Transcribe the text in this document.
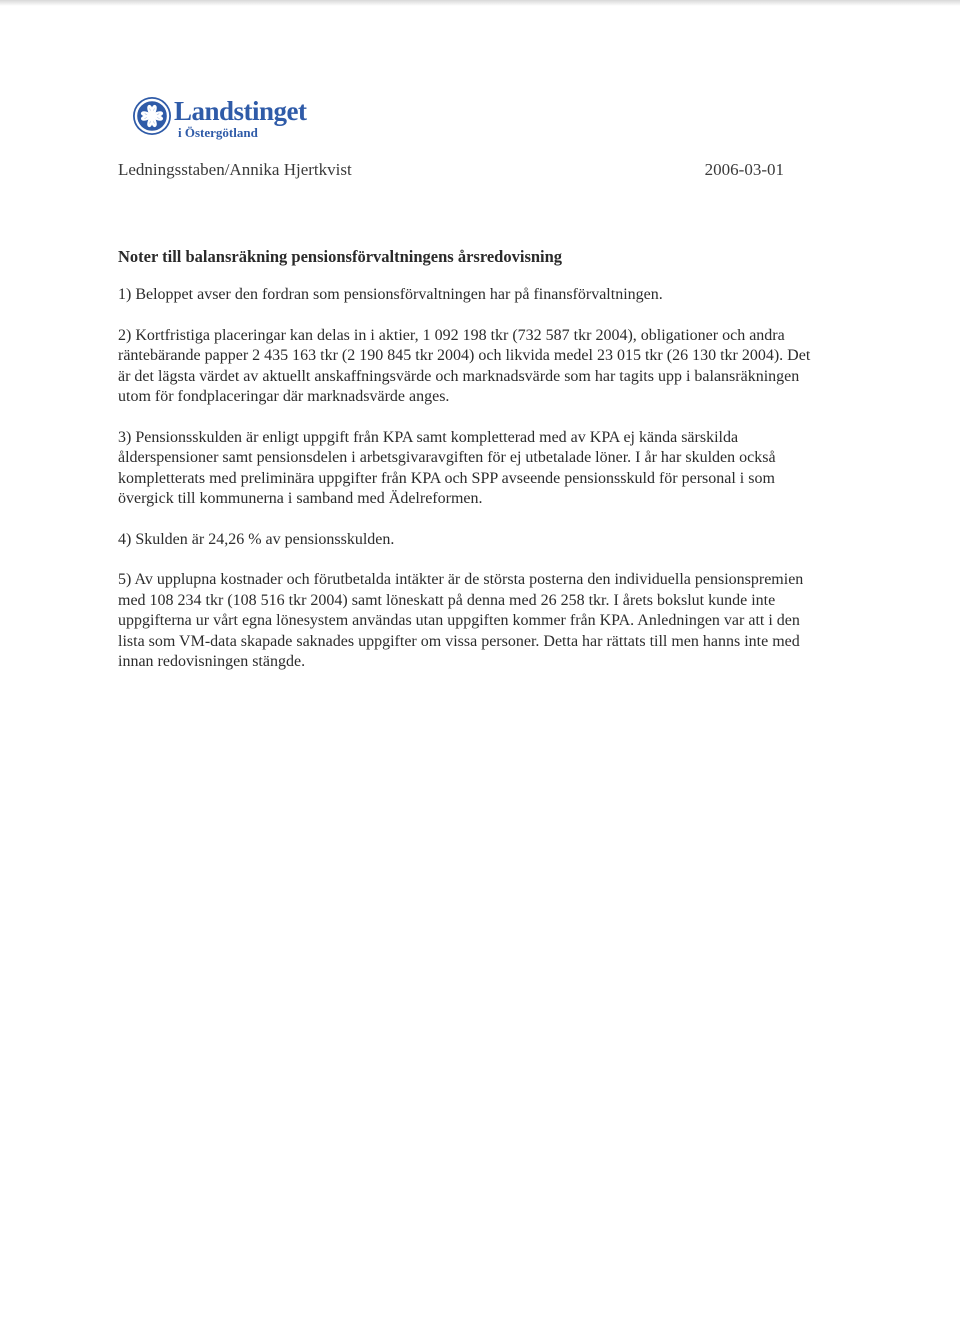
Landstinget
i Östergötland
Ledningsstaben/Annika Hjertkvist	2006-03-01
Noter till balansräkning pensionsförvaltningens årsredovisning

1) Beloppet avser den fordran som pensionsförvaltningen har på finansförvaltningen.

2) Kortfristiga placeringar kan delas in i aktier, 1 092 198 tkr (732 587 tkr 2004), obligationer och andra räntebärande papper 2 435 163 tkr (2 190 845 tkr 2004) och likvida medel 23 015 tkr (26 130 tkr 2004). Det är det lägsta värdet av aktuellt anskaffningsvärde och marknadsvärde som har tagits upp i balansräkningen utom för fondplaceringar där marknadsvärde anges.

3) Pensionsskulden är enligt uppgift från KPA samt kompletterad med av KPA ej kända särskilda ålderspensioner samt pensionsdelen i arbetsgivaravgiften för ej utbetalade löner. I år har skulden också kompletterats med preliminära uppgifter från KPA och SPP avseende pensionsskuld för personal i som övergick till kommunerna i samband med Ädelreformen.

4) Skulden är 24,26 % av pensionsskulden.

5) Av upplupna kostnader och förutbetalda intäkter är de största posterna den individuella pensionspremien med 108 234 tkr (108 516 tkr 2004) samt löneskatt på denna med 26 258 tkr. I årets bokslut kunde inte uppgifterna ur vårt egna lönesystem användas utan uppgiften kommer från KPA. Anledningen var att i den lista som VM-data skapade saknades uppgifter om vissa personer. Detta har rättats till men hanns inte med innan redovisningen stängde.
